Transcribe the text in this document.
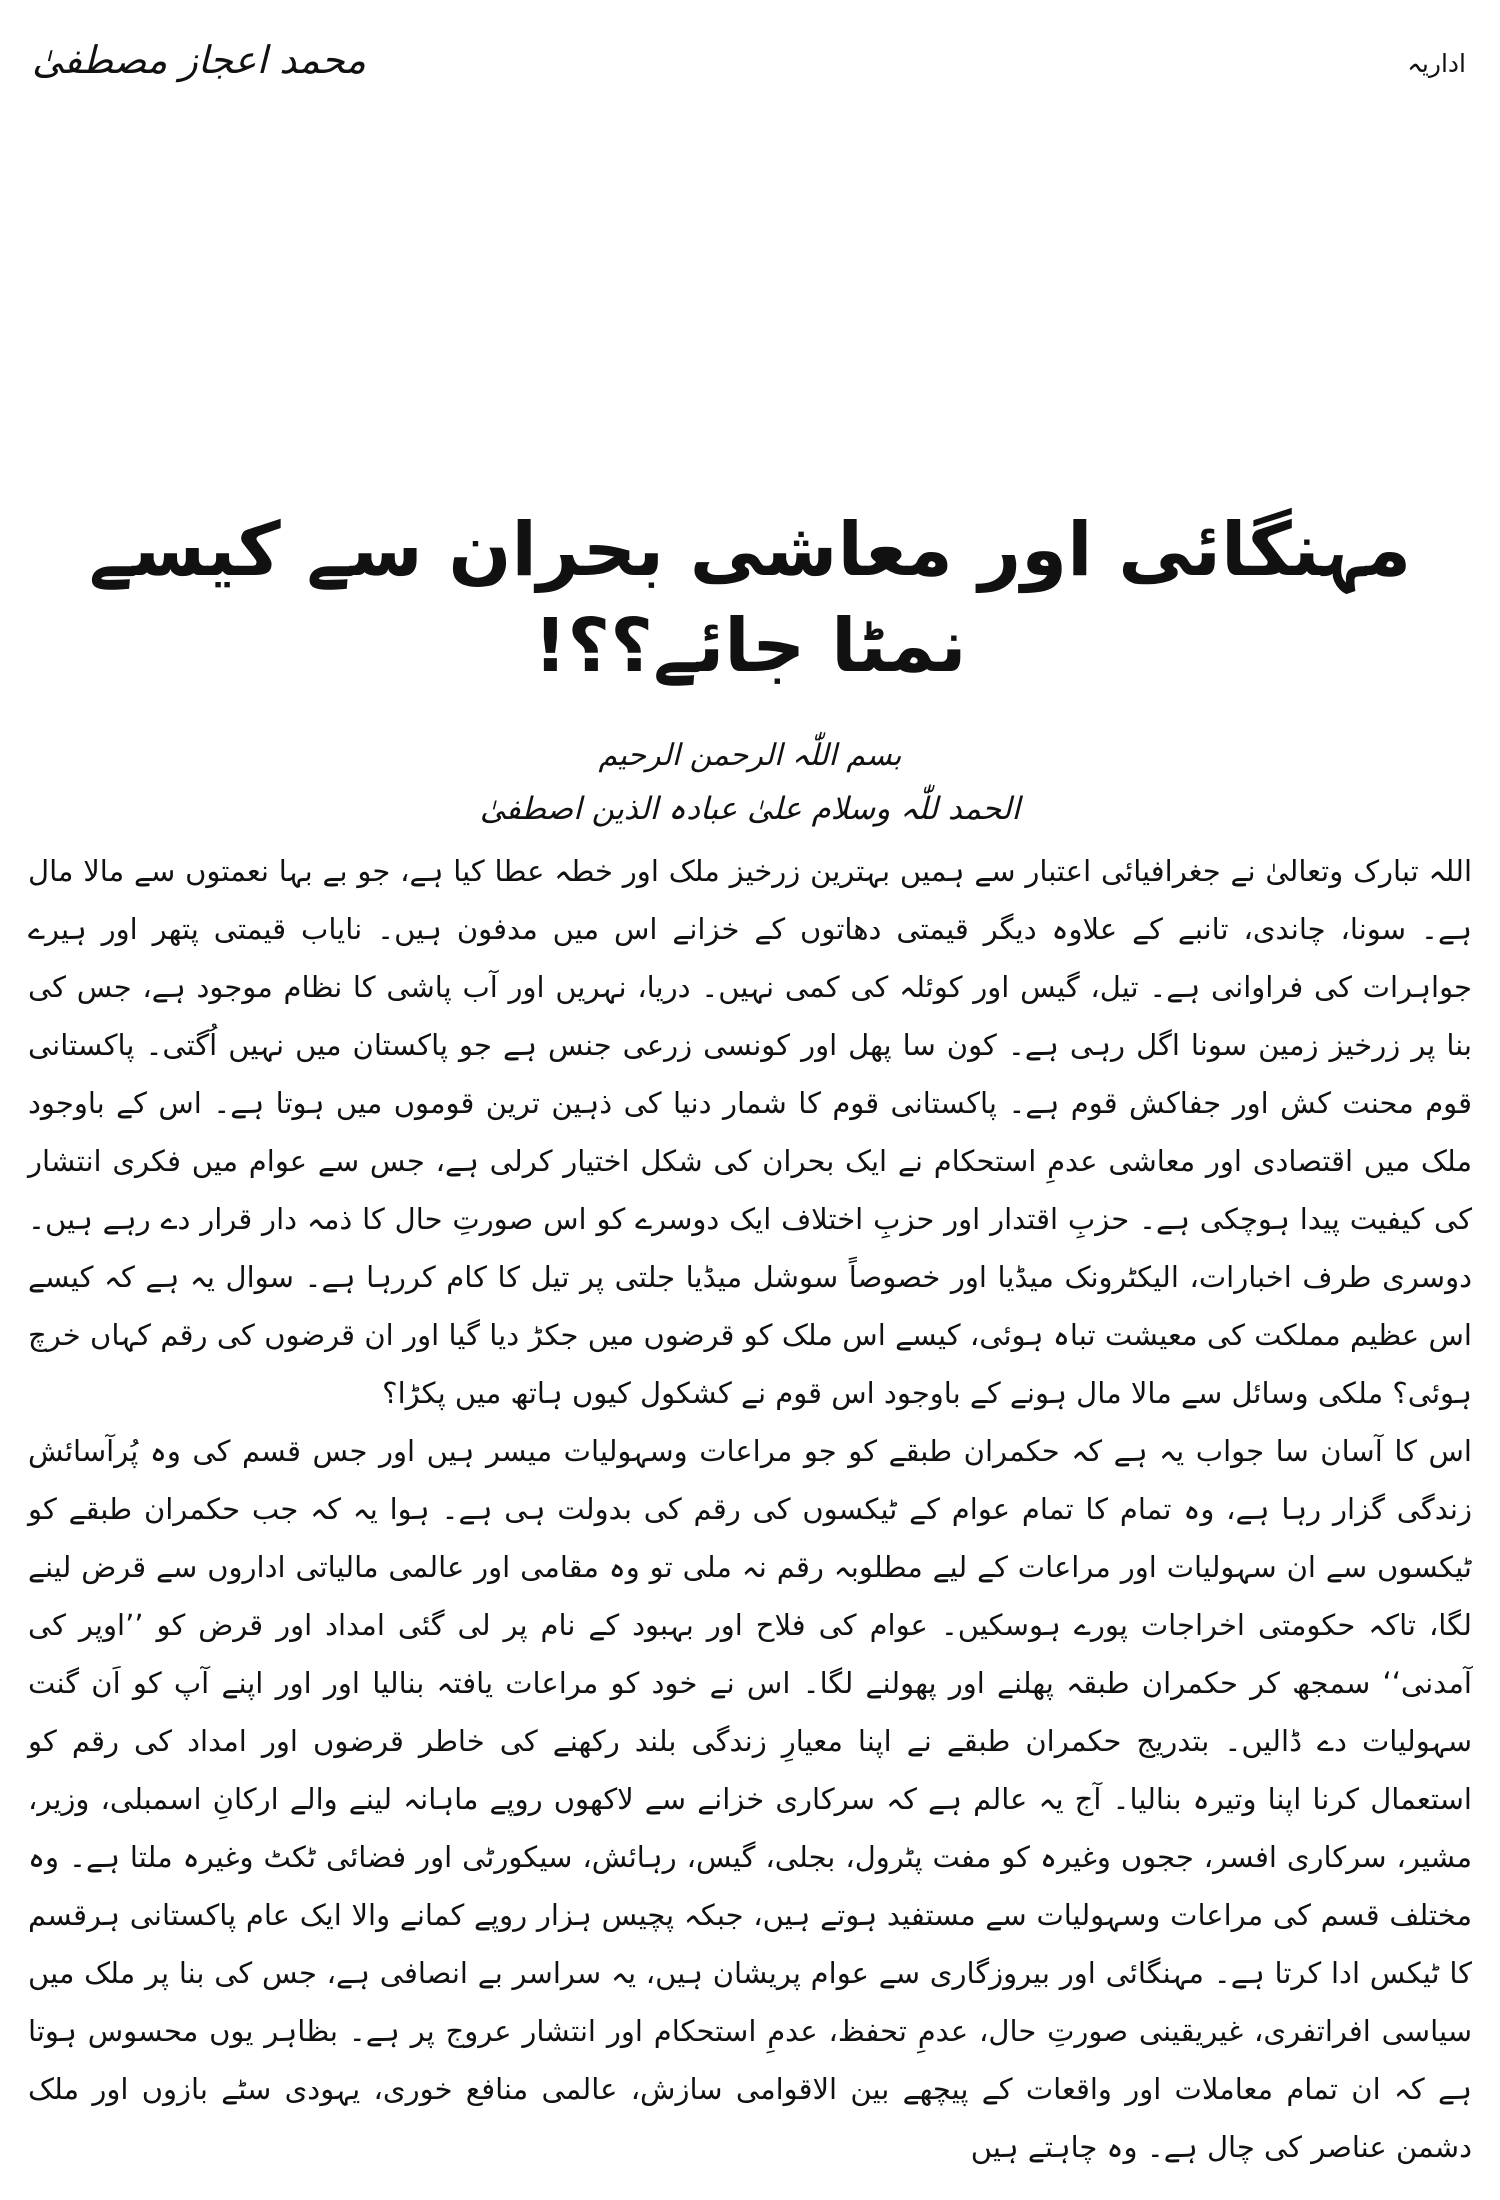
اداریہ
محمد اعجاز مصطفیٰ
مہنگائی اور معاشی بحران سے کیسے نمٹا جائے؟؟!
بسم اللّٰہ الرحمن الرحیم
الحمد للّٰہ وسلام علیٰ عبادہ الذین اصطفیٰ

اللہ تبارک وتعالیٰ نے جغرافیائی اعتبار سے ہمیں بہترین زرخیز ملک اور خطہ عطا کیا ہے، جو بے بہا نعمتوں سے مالا مال ہے۔ سونا، چاندی، تانبے کے علاوہ دیگر قیمتی دھاتوں کے خزانے اس میں مدفون ہیں۔ نایاب قیمتی پتھر اور ہیرے جواہرات کی فراوانی ہے۔ تیل، گیس اور کوئلہ کی کمی نہیں۔ دریا، نہریں اور آب پاشی کا نظام موجود ہے، جس کی بنا پر زرخیز زمین سونا اگل رہی ہے۔ کون سا پھل اور کونسی زرعی جنس ہے جو پاکستان میں نہیں اُگتی۔ پاکستانی قوم محنت کش اور جفاکش قوم ہے۔ پاکستانی قوم کا شمار دنیا کی ذہین ترین قوموں میں ہوتا ہے۔ اس کے باوجود ملک میں اقتصادی اور معاشی عدمِ استحکام نے ایک بحران کی شکل اختیار کرلی ہے، جس سے عوام میں فکری انتشار کی کیفیت پیدا ہوچکی ہے۔ حزبِ اقتدار اور حزبِ اختلاف ایک دوسرے کو اس صورتِ حال کا ذمہ دار قرار دے رہے ہیں۔ دوسری طرف اخبارات، الیکٹرونک میڈیا اور خصوصاً سوشل میڈیا جلتی پر تیل کا کام کررہا ہے۔ سوال یہ ہے کہ کیسے اس عظیم مملکت کی معیشت تباہ ہوئی، کیسے اس ملک کو قرضوں میں جکڑ دیا گیا اور ان قرضوں کی رقم کہاں خرچ ہوئی؟ ملکی وسائل سے مالا مال ہونے کے باوجود اس قوم نے کشکول کیوں ہاتھ میں پکڑا؟

اس کا آسان سا جواب یہ ہے کہ حکمران طبقے کو جو مراعات وسہولیات میسر ہیں اور جس قسم کی وہ پُرآسائش زندگی گزار رہا ہے، وہ تمام کا تمام عوام کے ٹیکسوں کی رقم کی بدولت ہی ہے۔ ہوا یہ کہ جب حکمران طبقے کو ٹیکسوں سے ان سہولیات اور مراعات کے لیے مطلوبہ رقم نہ ملی تو وہ مقامی اور عالمی مالیاتی اداروں سے قرض لینے لگا، تاکہ حکومتی اخراجات پورے ہوسکیں۔ عوام کی فلاح اور بہبود کے نام پر لی گئی امداد اور قرض کو ’’اوپر کی آمدنی‘‘ سمجھ کر حکمران طبقہ پھلنے اور پھولنے لگا۔ اس نے خود کو مراعات یافتہ بنالیا اور اور اپنے آپ کو اَن گنت سہولیات دے ڈالیں۔ بتدریج حکمران طبقے نے اپنا معیارِ زندگی بلند رکھنے کی خاطر قرضوں اور امداد کی رقم کو استعمال کرنا اپنا وتیرہ بنالیا۔ آج یہ عالم ہے کہ سرکاری خزانے سے لاکھوں روپے ماہانہ لینے والے ارکانِ اسمبلی، وزیر، مشیر، سرکاری افسر، ججوں وغیرہ کو مفت پٹرول، بجلی، گیس، رہائش، سیکورٹی اور فضائی ٹکٹ وغیرہ ملتا ہے۔ وہ مختلف قسم کی مراعات وسہولیات سے مستفید ہوتے ہیں، جبکہ پچیس ہزار روپے کمانے والا ایک عام پاکستانی ہرقسم کا ٹیکس ادا کرتا ہے۔ مہنگائی اور بیروزگاری سے عوام پریشان ہیں، یہ سراسر بے انصافی ہے، جس کی بنا پر ملک میں سیاسی افراتفری، غیریقینی صورتِ حال، عدمِ تحفظ، عدمِ استحکام اور انتشار عروج پر ہے۔ بظاہر یوں محسوس ہوتا ہے کہ ان تمام معاملات اور واقعات کے پیچھے بین الاقوامی سازش، عالمی منافع خوری، یہودی سٹے بازوں اور ملک دشمن عناصر کی چال ہے۔ وہ چاہتے ہیں
